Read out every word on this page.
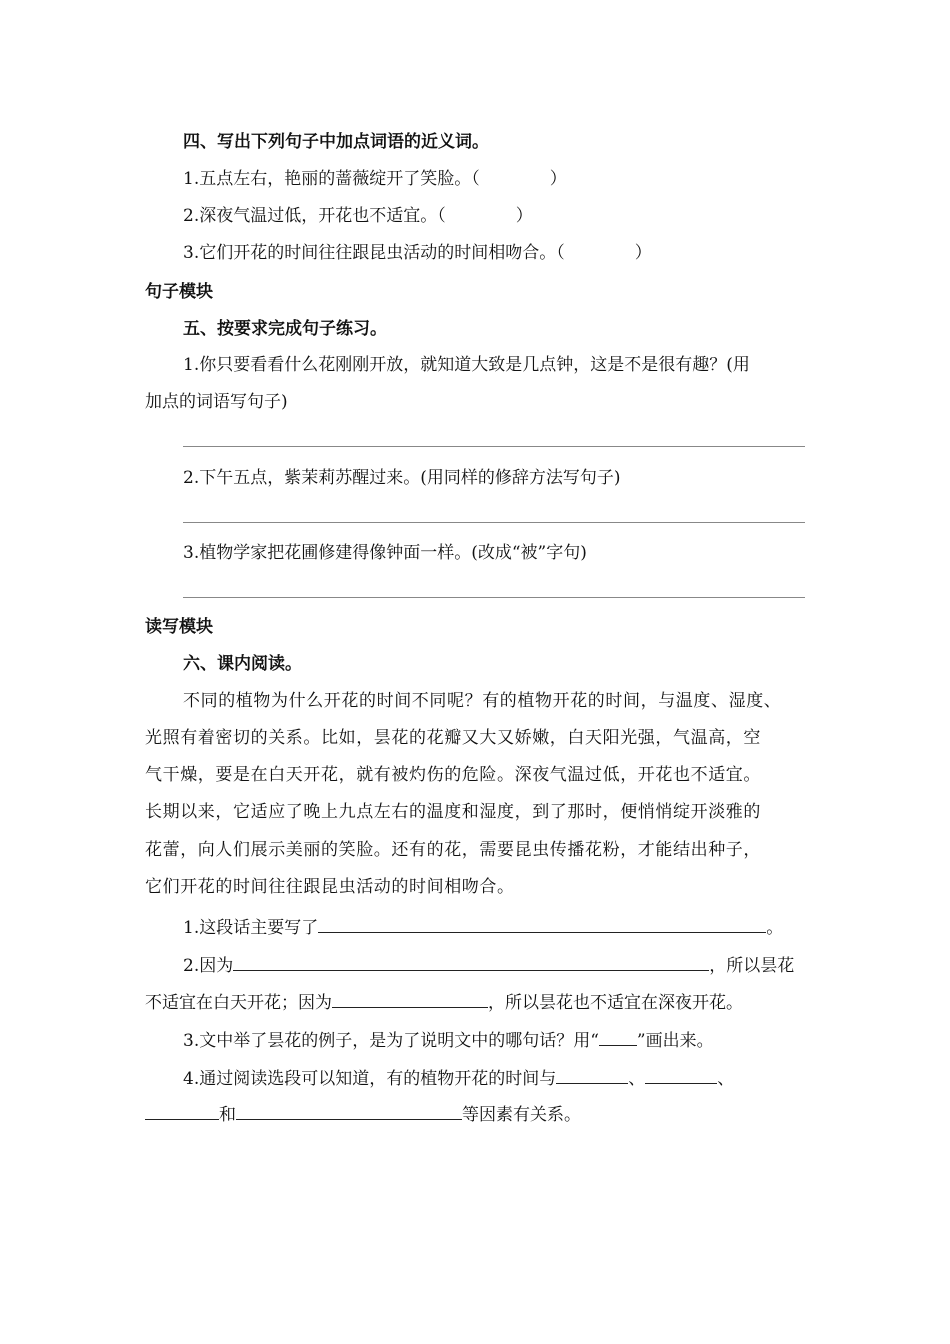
四、写出下列句子中加点词语的近义词。
1.五点左右，艳丽的蔷薇绽开了笑脸。（	）
2.深夜气温过低，开花也不适宜。（	）
3.它们开花的时间往往跟昆虫活动的时间相吻合。（	）
句子模块
五、按要求完成句子练习。
1.你只要看看什么花刚刚开放，就知道大致是几点钟，这是不是很有趣？(用
加点的词语写句子)
2.下午五点，紫茉莉苏醒过来。(用同样的修辞方法写句子)
3.植物学家把花圃修建得像钟面一样。(改成“被”字句)
读写模块
六、课内阅读。
不同的植物为什么开花的时间不同呢？有的植物开花的时间，与温度、湿度、
光照有着密切的关系。比如，昙花的花瓣又大又娇嫩，白天阳光强，气温高，空
气干燥，要是在白天开花，就有被灼伤的危险。深夜气温过低，开花也不适宜。
长期以来，它适应了晚上九点左右的温度和湿度，到了那时，便悄悄绽开淡雅的
花蕾，向人们展示美丽的笑脸。还有的花，需要昆虫传播花粉，才能结出种子，
它们开花的时间往往跟昆虫活动的时间相吻合。
1.这段话主要写了	。
2.因为	，所以昙花
不适宜在白天开花；因为	，所以昙花也不适宜在深夜开花。
3.文中举了昙花的例子，是为了说明文中的哪句话？用“ ”画出来。
4.通过阅读选段可以知道，有的植物开花的时间与	、	、
和	等因素有关系。
